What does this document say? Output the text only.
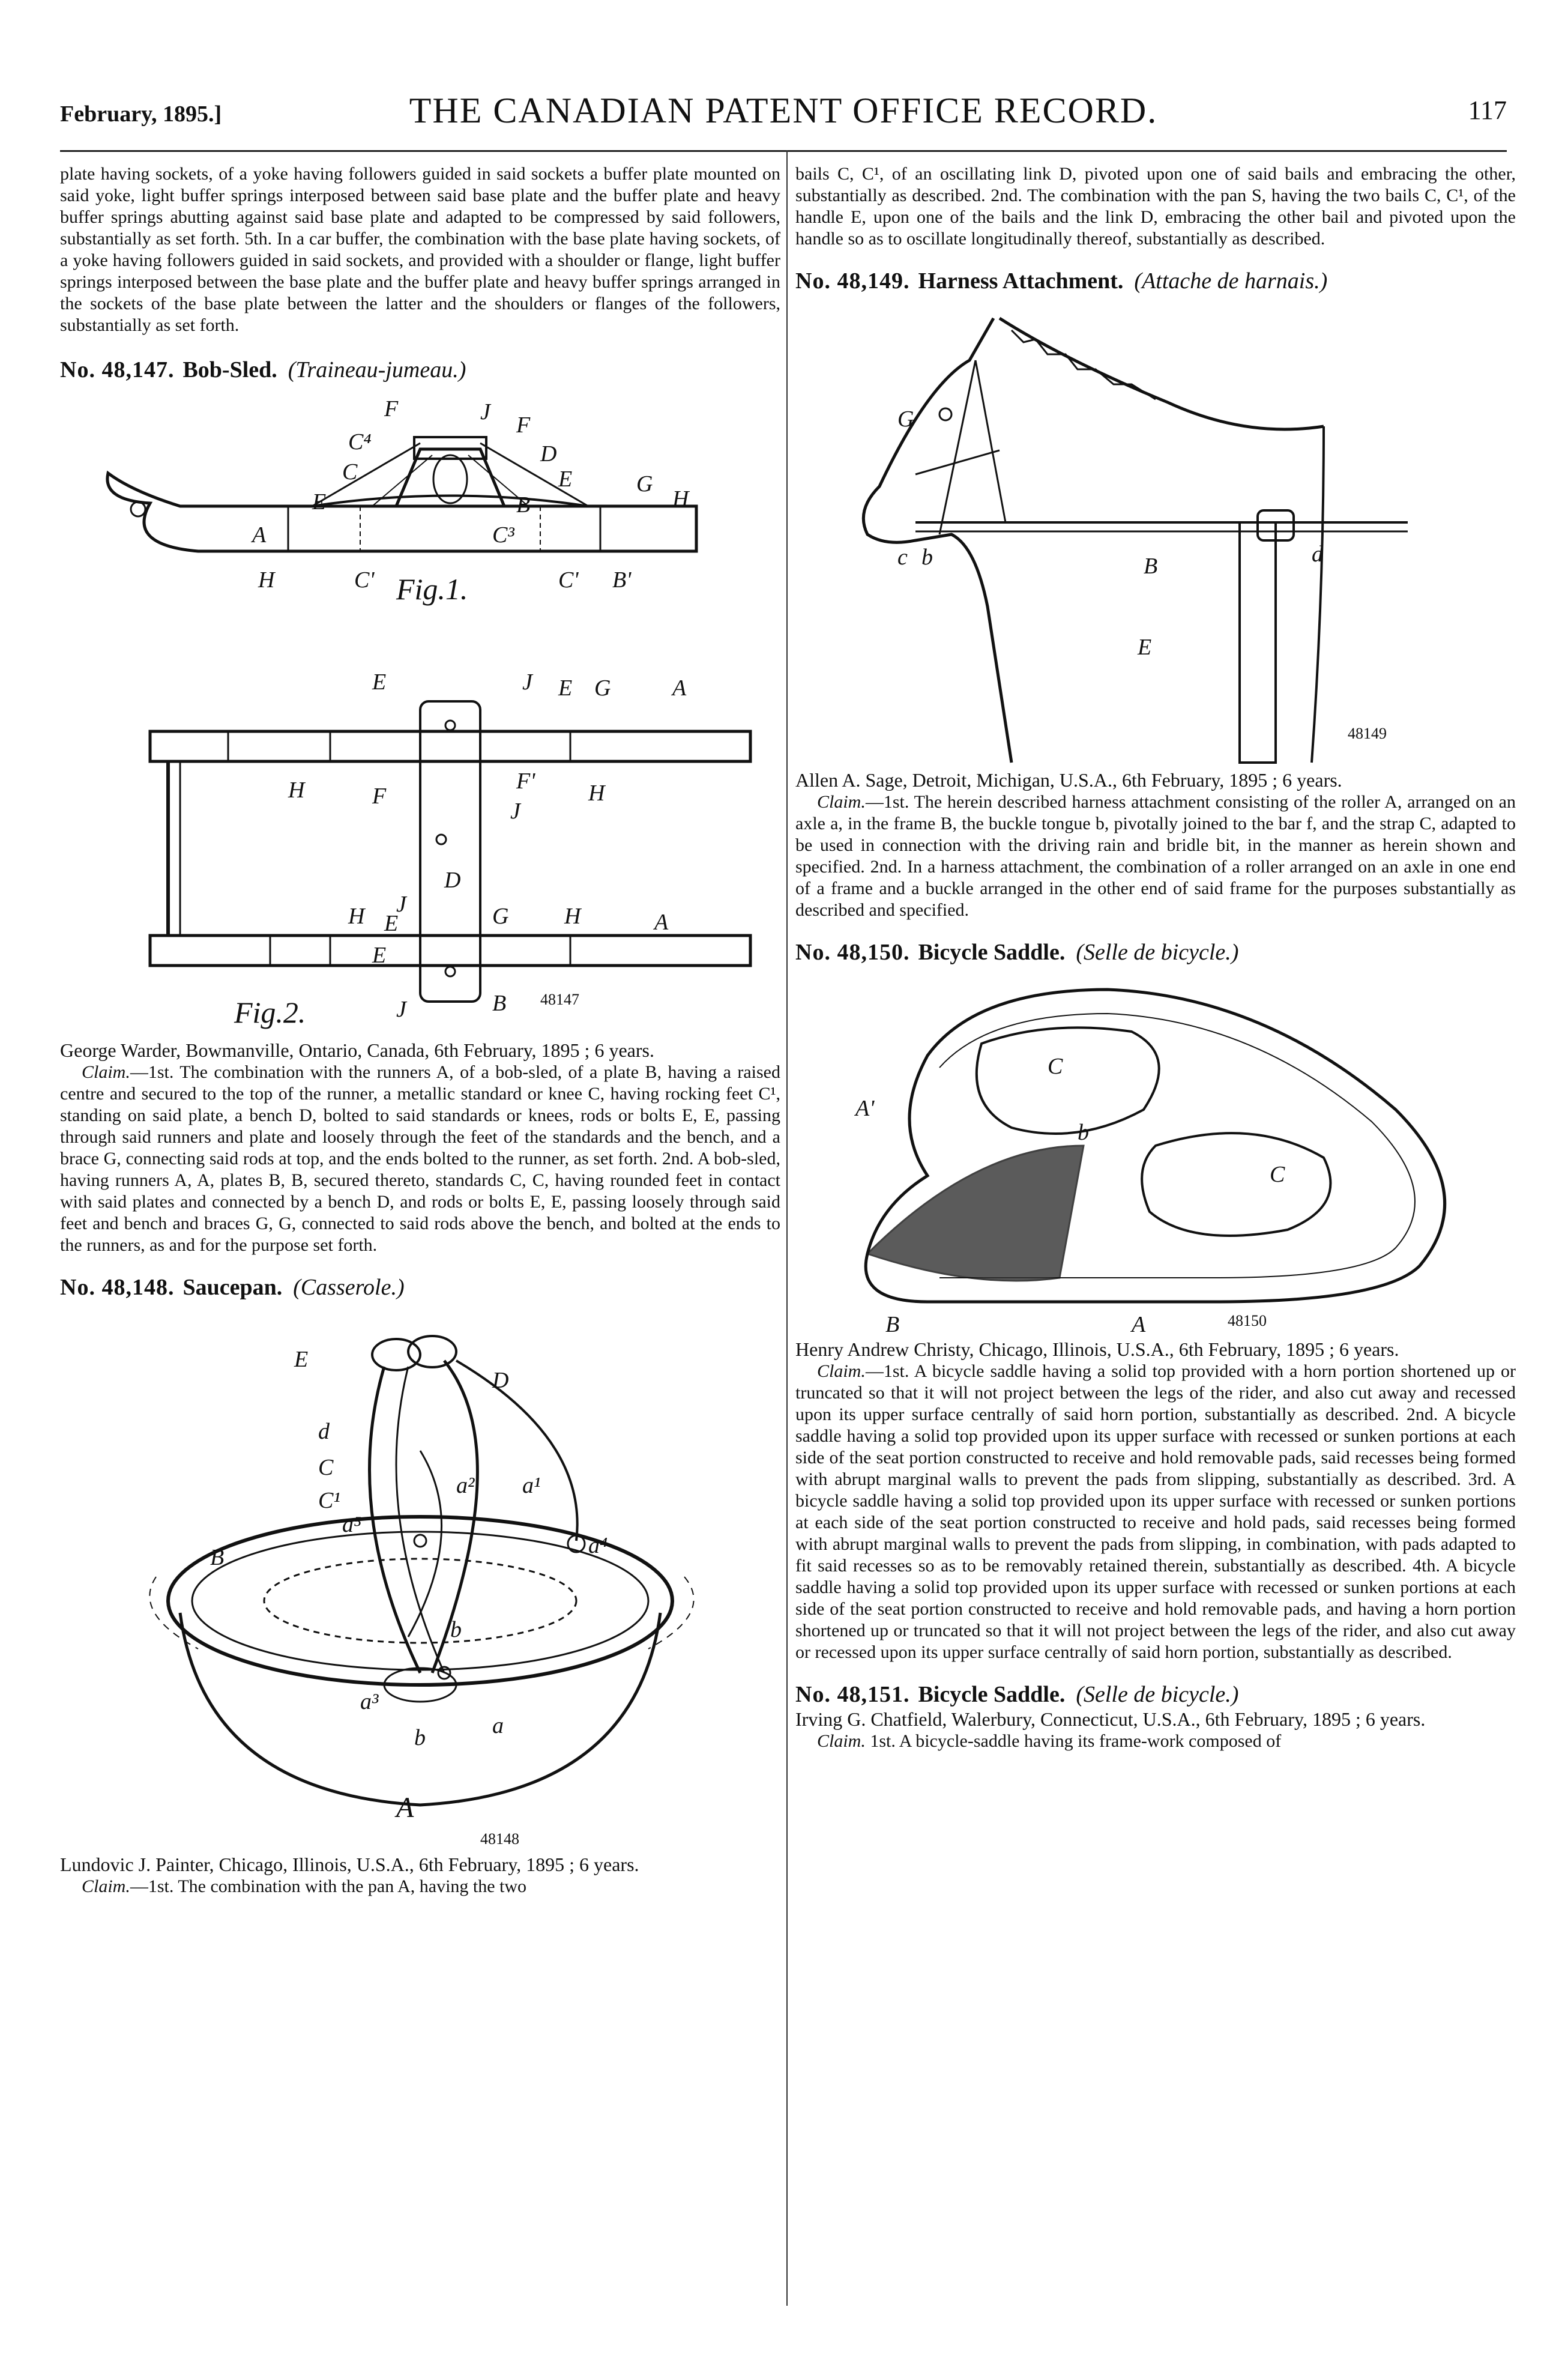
February, 1895.]	THE CANADIAN PATENT OFFICE RECORD.	117

plate having sockets, of a yoke having followers guided in said sockets a buffer plate mounted on said yoke, light buffer springs interposed between said base plate and the buffer plate and heavy buffer springs abutting against said base plate and adapted to be compressed by said followers, substantially as set forth. 5th. In a car buffer, the combination with the base plate having sockets, of a yoke having followers guided in said sockets, and provided with a shoulder or flange, light buffer springs interposed between the base plate and the buffer plate and heavy buffer springs arranged in the sockets of the base plate between the latter and the shoulders or flanges of the followers, substantially as set forth.

No. 48,147. Bob-Sled. (Traineau-jumeau.)

F	J
F
C⁴	D
C	E	G
H
E	B
A	C³
H	C'	C' B'
Fig.1.
E	J E G	A
H	F
F' H
J
D
H J
E	G H	A
E
J	B
Fig.2.	48147

George Warder, Bowmanville, Ontario, Canada, 6th February, 1895 ; 6 years.

Claim.—1st. The combination with the runners A, of a bob-sled, of a plate B, having a raised centre and secured to the top of the runner, a metallic standard or knee C, having rocking feet C¹, standing on said plate, a bench D, bolted to said standards or knees, rods or bolts E, E, passing through said runners and plate and loosely through the feet of the standards and the bench, and a brace G, connecting said rods at top, and the ends bolted to the runner, as set forth. 2nd. A bob-sled, having runners A, A, plates B, B, secured thereto, standards C, C, having rounded feet in contact with said plates and connected by a bench D, and rods or bolts E, E, passing loosely through said feet and bench and braces G, G, connected to said rods above the bench, and bolted at the ends to the runners, as and for the purpose set forth.

No. 48,148. Saucepan. (Casserole.)

E
D
d
C
C¹
a² a¹
a⁵
a⁴
B
b
a³
b	a
A
48148

Lundovic J. Painter, Chicago, Illinois, U.S.A., 6th February, 1895 ; 6 years.

Claim.—1st. The combination with the pan A, having the two

bails C, C¹, of an oscillating link D, pivoted upon one of said bails and embracing the other, substantially as described. 2nd. The combination with the pan S, having the two bails C, C¹, of the handle E, upon one of the bails and the link D, embracing the other bail and pivoted upon the handle so as to oscillate longitudinally thereof, substantially as described.

No. 48,149. Harness Attachment. (Attache de harnais.)

G
c b	B	d
E
48149

Allen A. Sage, Detroit, Michigan, U.S.A., 6th February, 1895 ; 6 years.

Claim.—1st. The herein described harness attachment consisting of the roller A, arranged on an axle a, in the frame B, the buckle tongue b, pivotally joined to the bar f, and the strap C, adapted to be used in connection with the driving rain and bridle bit, in the manner as herein shown and specified. 2nd. In a harness attachment, the combination of a roller arranged on an axle in one end of a frame and a buckle arranged in the other end of said frame for the purposes substantially as described and specified.

No. 48,150. Bicycle Saddle. (Selle de bicycle.)

C
A'
b
C
B	A	48150

Henry Andrew Christy, Chicago, Illinois, U.S.A., 6th February, 1895 ; 6 years.

Claim.—1st. A bicycle saddle having a solid top provided with a horn portion shortened up or truncated so that it will not project between the legs of the rider, and also cut away and recessed upon its upper surface centrally of said horn portion, substantially as described. 2nd. A bicycle saddle having a solid top provided upon its upper surface with recessed or sunken portions at each side of the seat portion constructed to receive and hold removable pads, said recesses being formed with abrupt marginal walls to prevent the pads from slipping, substantially as described. 3rd. A bicycle saddle having a solid top provided upon its upper surface with recessed or sunken portions at each side of the seat portion constructed to receive and hold pads, said recesses being formed with abrupt marginal walls to prevent the pads from slipping, in combination, with pads adapted to fit said recesses so as to be removably retained therein, substantially as described. 4th. A bicycle saddle having a solid top provided upon its upper surface with recessed or sunken portions at each side of the seat portion constructed to receive and hold removable pads, and having a horn portion shortened up or truncated so that it will not project between the legs of the rider, and also cut away or recessed upon its upper surface centrally of said horn portion, substantially as described.

No. 48,151. Bicycle Saddle. (Selle de bicycle.)

Irving G. Chatfield, Walerbury, Connecticut, U.S.A., 6th February, 1895 ; 6 years.

Claim. 1st. A bicycle-saddle having its frame-work composed of
